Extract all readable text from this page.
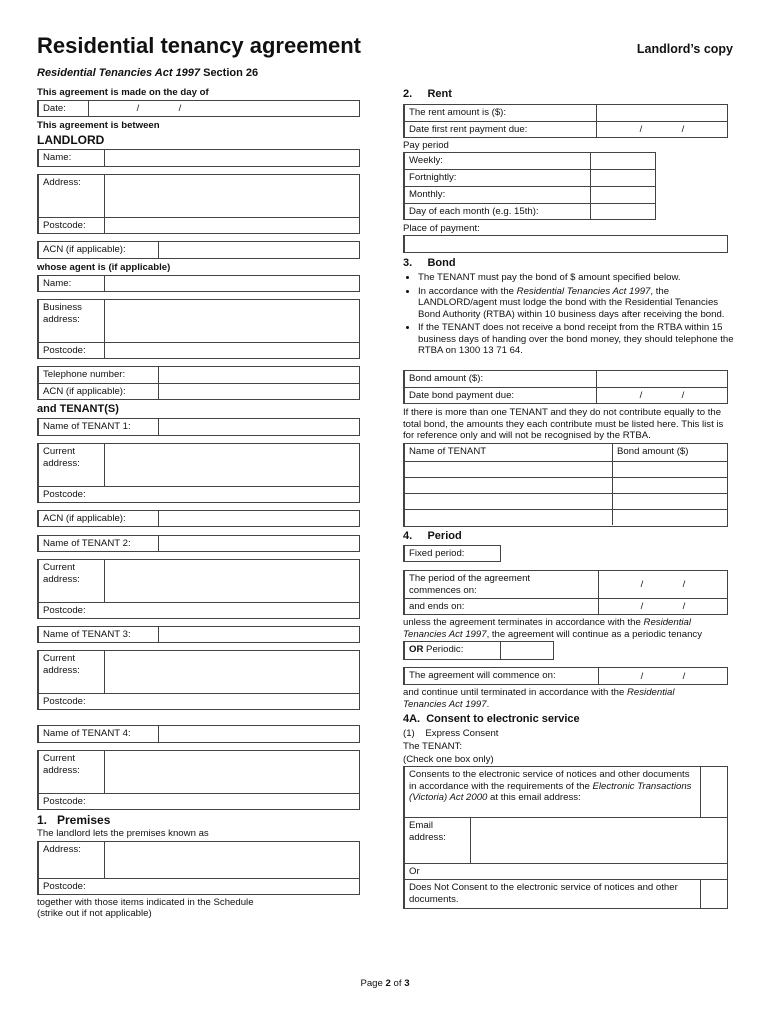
Residential tenancy agreement	Landlord’s copy
Residential Tenancies Act 1997 Section 26
This agreement is made on the day of
Date:	/	/
This agreement is between
LANDLORD
Name:
Address:
Postcode:
ACN (if applicable):
whose agent is (if applicable)
Name:
Business address:
Postcode:
Telephone number:
ACN (if applicable):
and TENANT(S)
Name of TENANT 1:
Current address:
Postcode:
ACN (if applicable):
Name of TENANT 2:
Current address:
Postcode:
Name of TENANT 3:
Current address:
Postcode:
Name of TENANT 4:
Current address:
Postcode:
1.   Premises
The landlord lets the premises known as
Address:
Postcode:
together with those items indicated in the Schedule
(strike out if not applicable)
2.     Rent
The rent amount is ($):
Date first rent payment due:	/	/
Pay period
Weekly:
Fortnightly:
Monthly:
Day of each month (e.g. 15th):
Place of payment:
3.     Bond
• The TENANT must pay the bond of $ amount specified below.
• In accordance with the Residential Tenancies Act 1997, the LANDLORD/agent must lodge the bond with the Residential Tenancies Bond Authority (RTBA) within 10 business days after receiving the bond.
• If the TENANT does not receive a bond receipt from the RTBA within 15 business days of handing over the bond money, they should telephone the RTBA on 1300 13 71 64.
Bond amount ($):
Date bond payment due:	/	/
If there is more than one TENANT and they do not contribute equally to the total bond, the amounts they each contribute must be listed here. This list is for reference only and will not be recognised by the RTBA.
Name of TENANT	Bond amount ($)
4.     Period
Fixed period:
The period of the agreement commences on:	/	/
and ends on:	/	/
unless the agreement terminates in accordance with the Residential Tenancies Act 1997, the agreement will continue as a periodic tenancy
OR Periodic:
The agreement will commence on:	/	/
and continue until terminated in accordance with the Residential Tenancies Act 1997.
4A.  Consent to electronic service
(1)    Express Consent
The TENANT:
(Check one box only)
Consents to the electronic service of notices and other documents in accordance with the requirements of the Electronic Transactions (Victoria) Act 2000 at this email address:
Email address:
Or
Does Not Consent to the electronic service of notices and other documents.
Page 2 of 3
